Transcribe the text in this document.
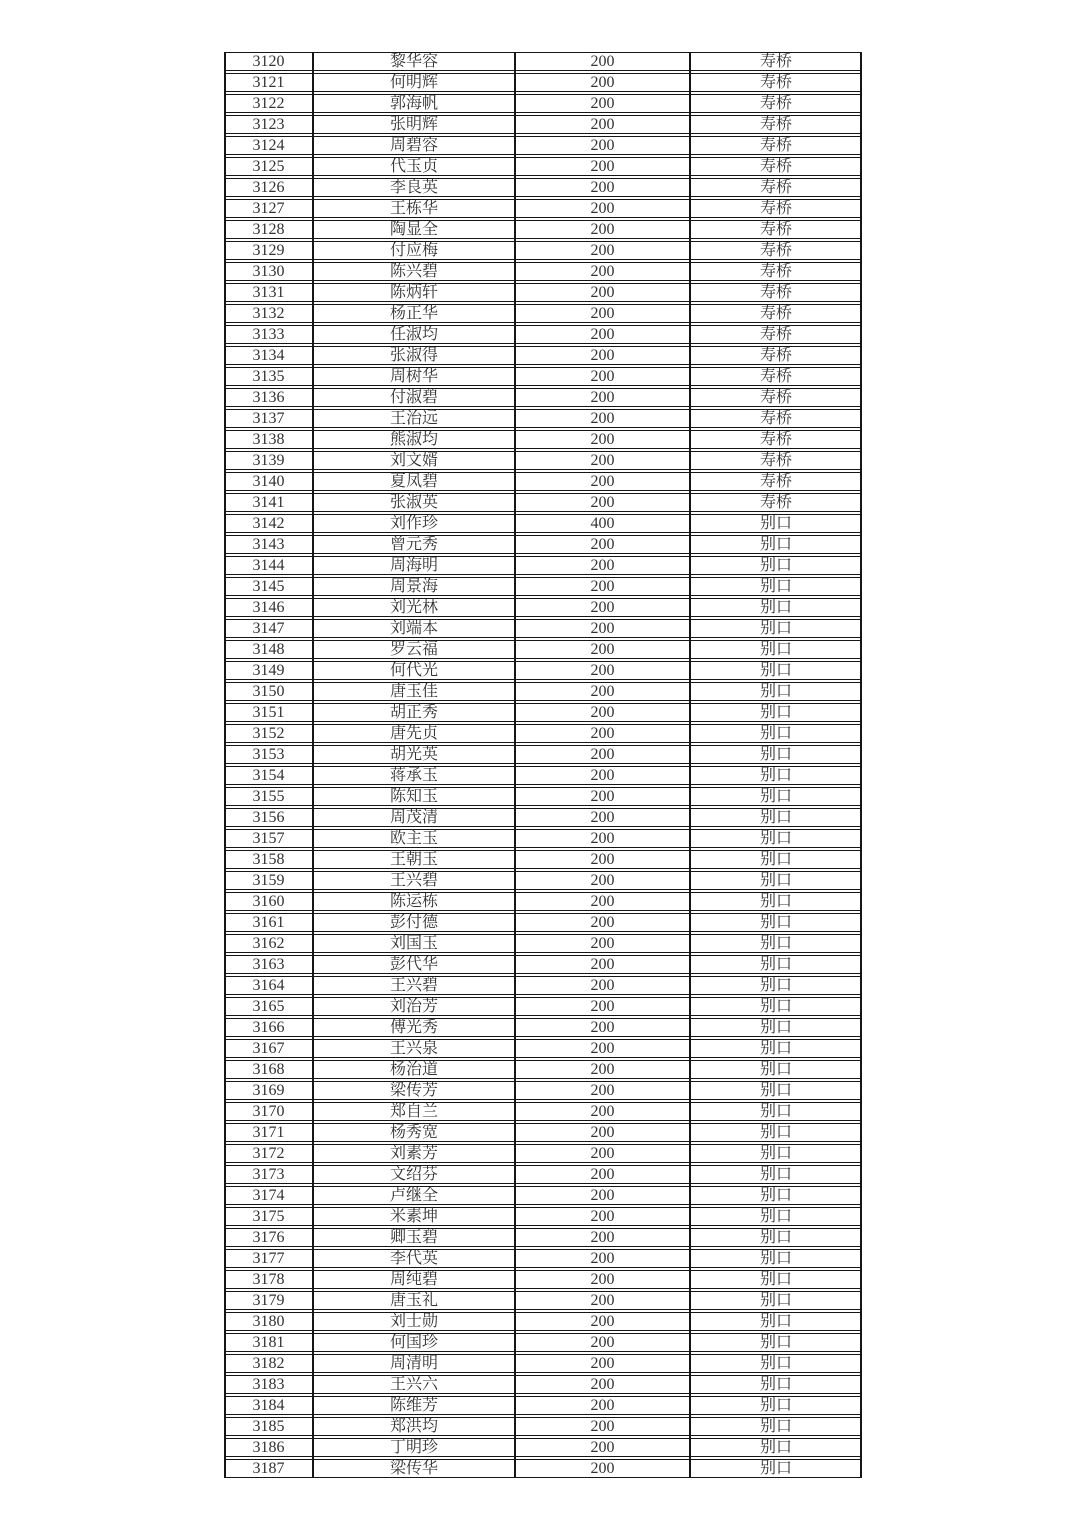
3120	黎华容	200	寿桥
3121	何明辉	200	寿桥
3122	郭海帆	200	寿桥
3123	张明辉	200	寿桥
3124	周碧容	200	寿桥
3125	代玉贞	200	寿桥
3126	李良英	200	寿桥
3127	王栋华	200	寿桥
3128	陶显全	200	寿桥
3129	付应梅	200	寿桥
3130	陈兴碧	200	寿桥
3131	陈炳轩	200	寿桥
3132	杨正华	200	寿桥
3133	任淑均	200	寿桥
3134	张淑得	200	寿桥
3135	周树华	200	寿桥
3136	付淑碧	200	寿桥
3137	王治远	200	寿桥
3138	熊淑均	200	寿桥
3139	刘文婿	200	寿桥
3140	夏凤碧	200	寿桥
3141	张淑英	200	寿桥
3142	刘作珍	400	别口
3143	曾元秀	200	别口
3144	周海明	200	别口
3145	周景海	200	别口
3146	刘光林	200	别口
3147	刘端本	200	别口
3148	罗云福	200	别口
3149	何代光	200	别口
3150	唐玉佳	200	别口
3151	胡正秀	200	别口
3152	唐先贞	200	别口
3153	胡光英	200	别口
3154	蒋承玉	200	别口
3155	陈知玉	200	别口
3156	周茂清	200	别口
3157	欧主玉	200	别口
3158	王朝玉	200	别口
3159	王兴碧	200	别口
3160	陈运栋	200	别口
3161	彭付德	200	别口
3162	刘国玉	200	别口
3163	彭代华	200	别口
3164	王兴碧	200	别口
3165	刘治芳	200	别口
3166	傅光秀	200	别口
3167	王兴泉	200	别口
3168	杨治道	200	别口
3169	梁传芳	200	别口
3170	郑自兰	200	别口
3171	杨秀宽	200	别口
3172	刘素芳	200	别口
3173	文绍芬	200	别口
3174	卢继全	200	别口
3175	米素坤	200	别口
3176	卿玉碧	200	别口
3177	李代英	200	别口
3178	周纯碧	200	别口
3179	唐玉礼	200	别口
3180	刘士勋	200	别口
3181	何国珍	200	别口
3182	周清明	200	别口
3183	王兴六	200	别口
3184	陈维芳	200	别口
3185	郑洪均	200	别口
3186	丁明珍	200	别口
3187	梁传华	200	别口
